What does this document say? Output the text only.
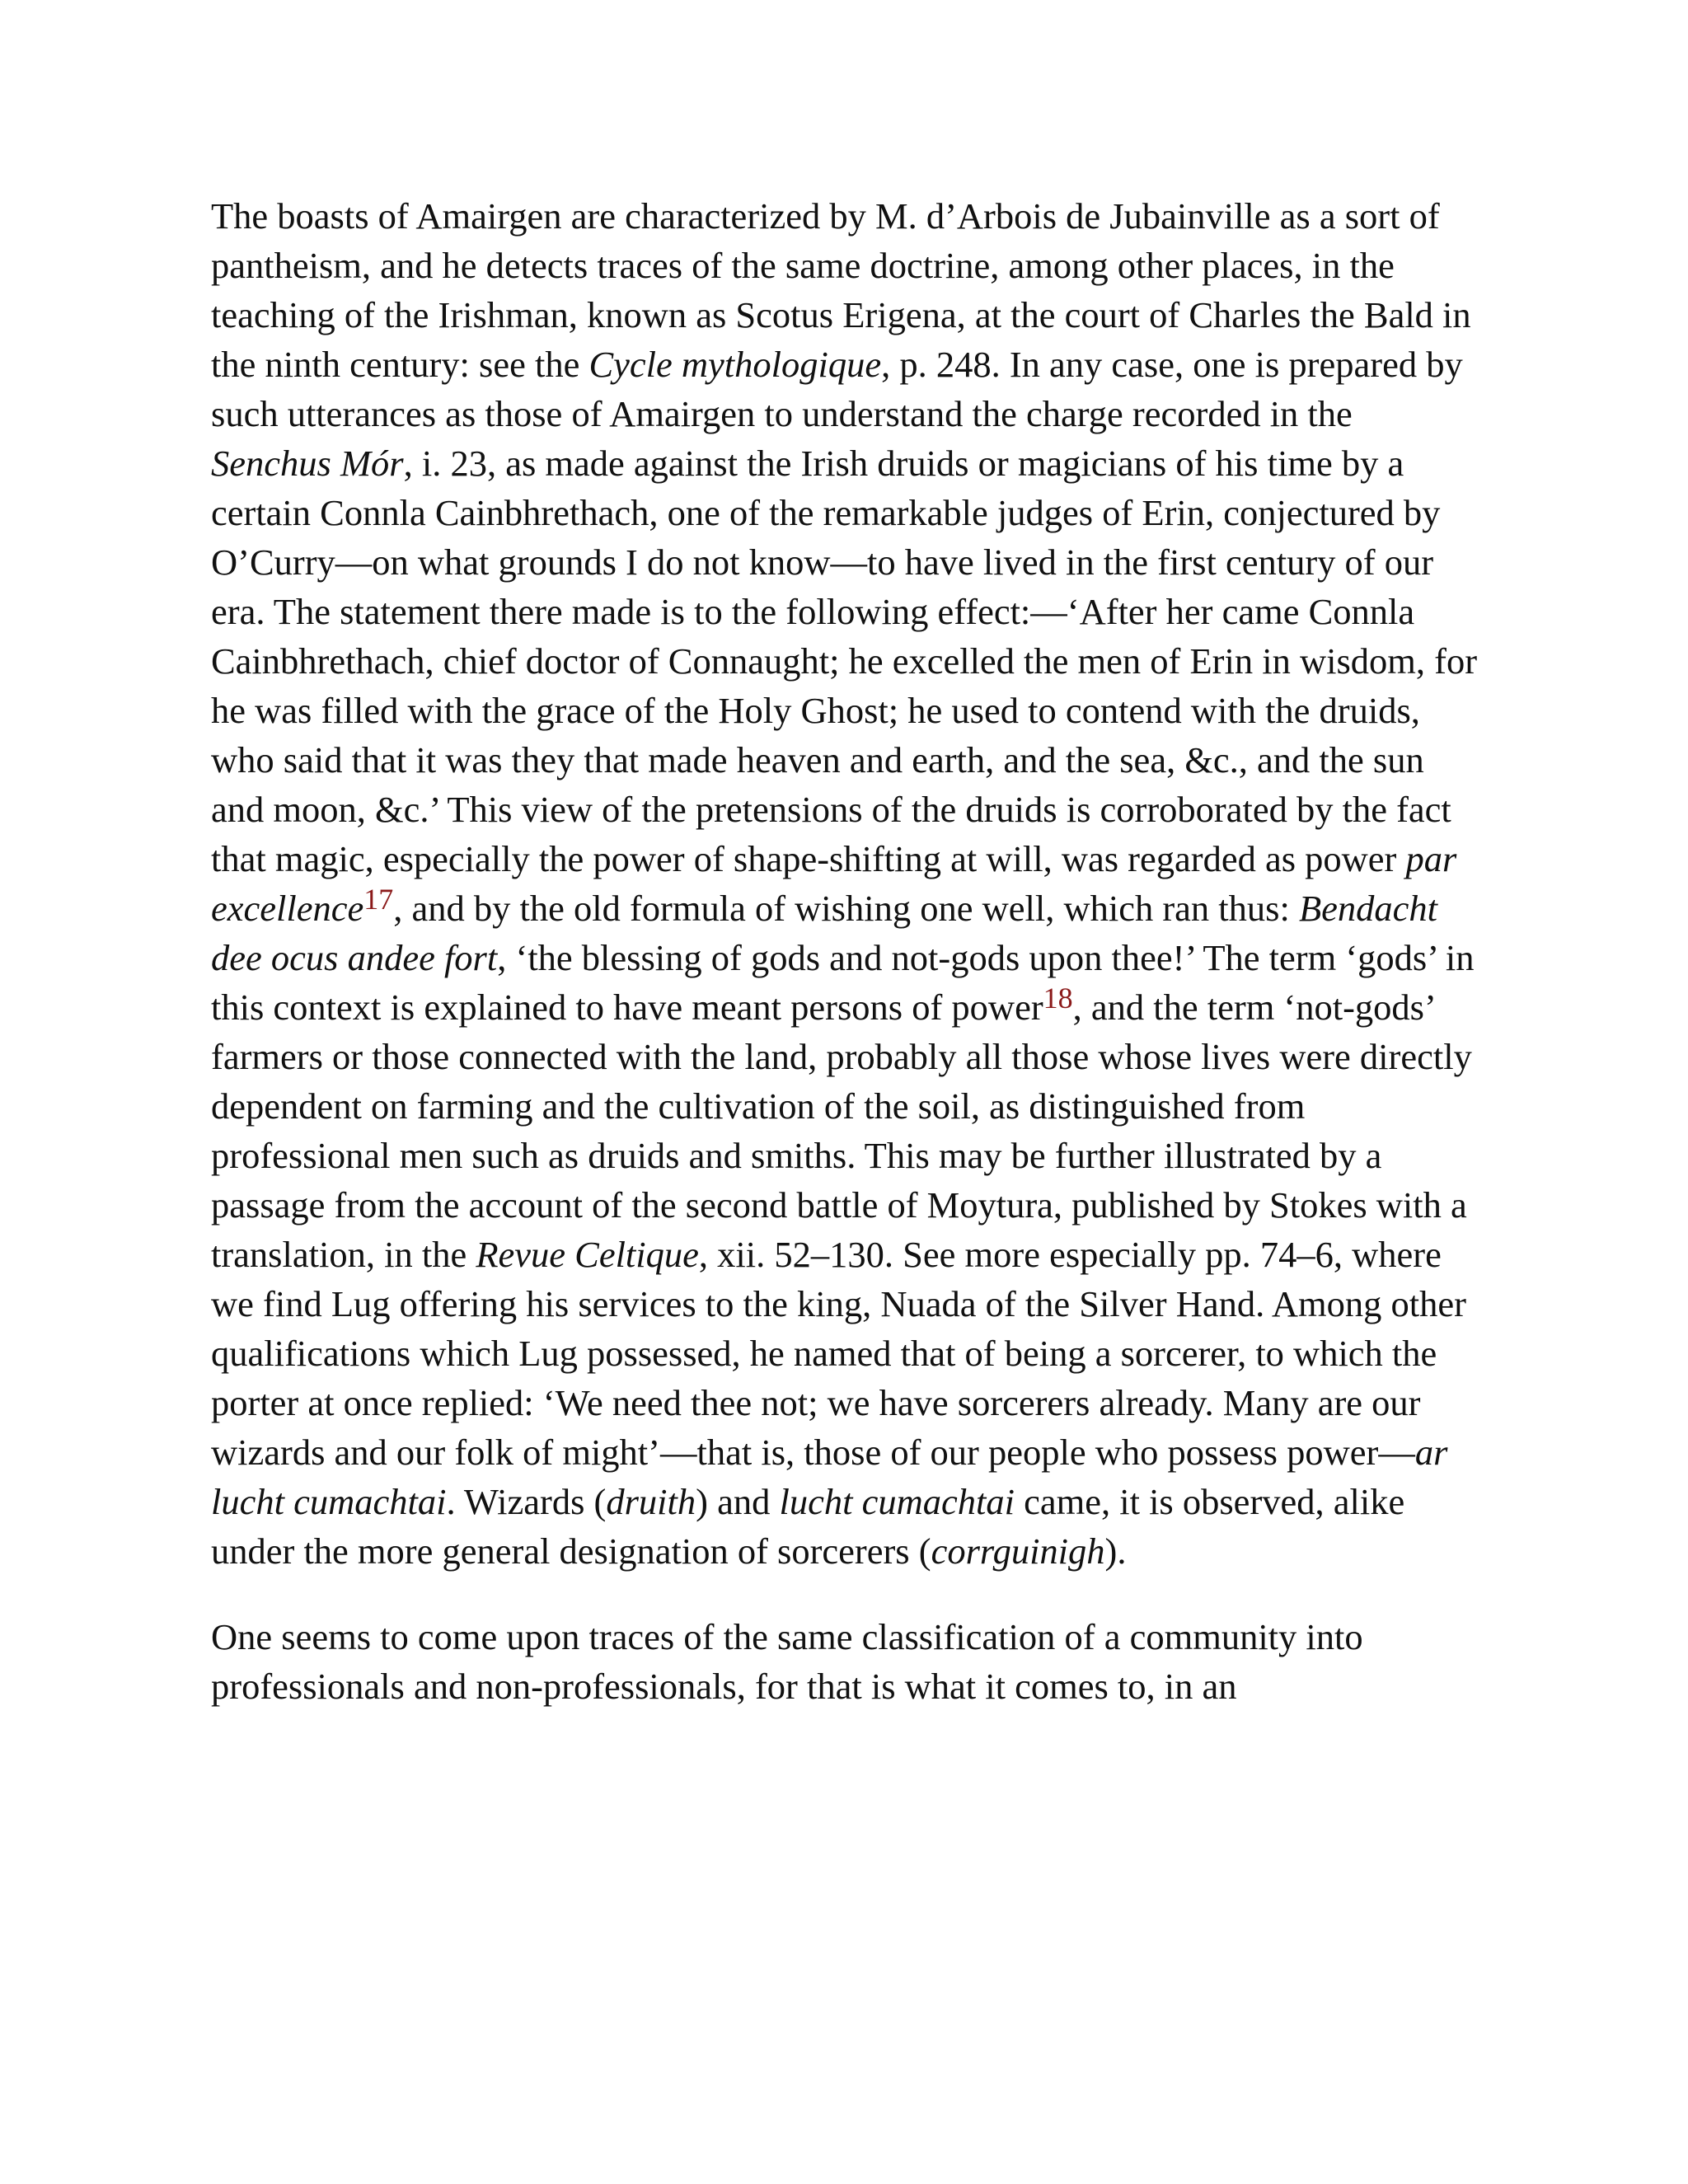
The boasts of Amairgen are characterized by M. d’Arbois de Jubainville as a sort of pantheism, and he detects traces of the same doctrine, among other places, in the teaching of the Irishman, known as Scotus Erigena, at the court of Charles the Bald in the ninth century: see the Cycle mythologique, p. 248. In any case, one is prepared by such utterances as those of Amairgen to understand the charge recorded in the Senchus Mór, i. 23, as made against the Irish druids or magicians of his time by a certain Connla Cainbhrethach, one of the remarkable judges of Erin, conjectured by O’Curry—on what grounds I do not know—to have lived in the first century of our era. The statement there made is to the following effect:—‘After her came Connla Cainbhrethach, chief doctor of Connaught; he excelled the men of Erin in wisdom, for he was filled with the grace of the Holy Ghost; he used to contend with the druids, who said that it was they that made heaven and earth, and the sea, &c., and the sun and moon, &c.’ This view of the pretensions of the druids is corroborated by the fact that magic, especially the power of shape-shifting at will, was regarded as power par excellence$^{17}$, and by the old formula of wishing one well, which ran thus: Bendacht dee ocus andee fort, ‘the blessing of gods and not-gods upon thee!’ The term ‘gods’ in this context is explained to have meant persons of power$^{18}$, and the term ‘not-gods’ farmers or those connected with the land, probably all those whose lives were directly dependent on farming and the cultivation of the soil, as distinguished from professional men such as druids and smiths. This may be further illustrated by a passage from the account of the second battle of Moytura, published by Stokes with a translation, in the Revue Celtique, xii. 52–130. See more especially pp. 74–6, where we find Lug offering his services to the king, Nuada of the Silver Hand. Among other qualifications which Lug possessed, he named that of being a sorcerer, to which the porter at once replied: ‘We need thee not; we have sorcerers already. Many are our wizards and our folk of might’—that is, those of our people who possess power—ar lucht cumachtai. Wizards (druith) and lucht cumachtai came, it is observed, alike under the more general designation of sorcerers (corrguinigh).

One seems to come upon traces of the same classification of a community into professionals and non-professionals, for that is what it comes to, in an
